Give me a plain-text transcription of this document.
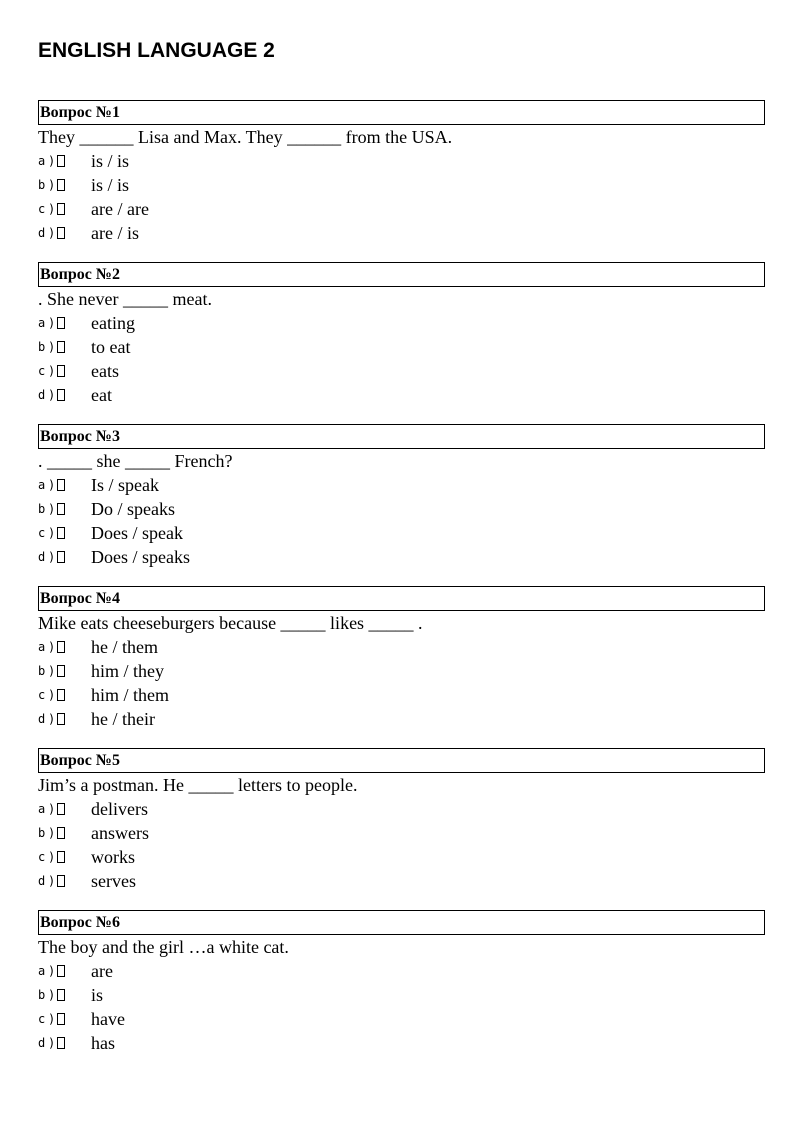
ENGLISH LANGUAGE 2
Вопрос №1
They ______ Lisa and Max. They ______ from the USA.
a ) is / is
b ) is / is
c ) are / are
d ) are / is
Вопрос №2
. She never _____ meat.
a ) eating
b ) to eat
c ) eats
d ) eat
Вопрос №3
. _____ she _____ French?
a ) Is / speak
b ) Do / speaks
c ) Does / speak
d ) Does / speaks
Вопрос №4
Mike eats cheeseburgers because _____ likes _____ .
a ) he / them
b ) him / they
c ) him / them
d ) he / their
Вопрос №5
Jim’s a postman. He _____ letters to people.
a ) delivers
b ) answers
c ) works
d ) serves
Вопрос №6
The boy and the girl …a white cat.
a ) are
b ) is
c ) have
d ) has
